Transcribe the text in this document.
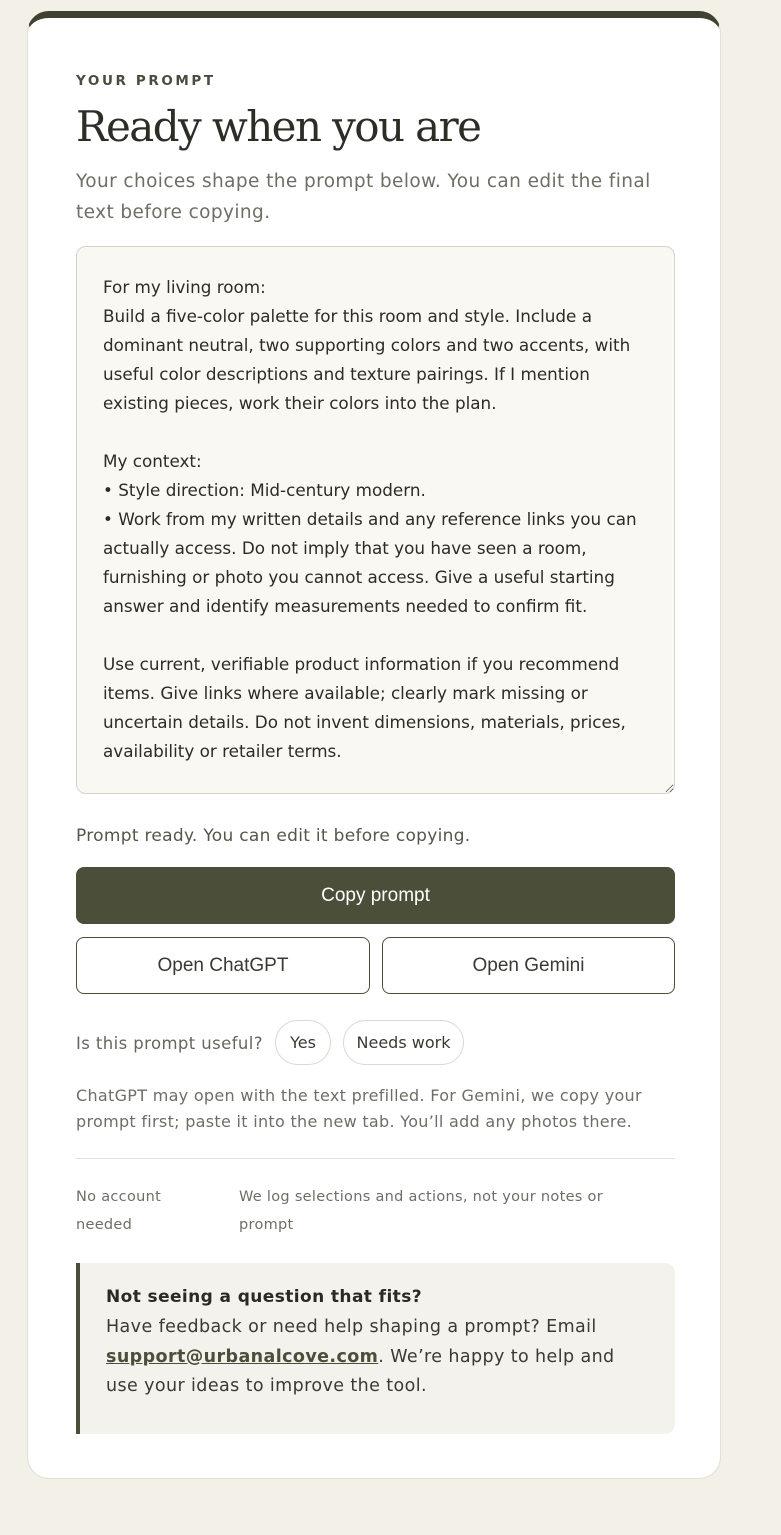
YOUR PROMPT
Ready when you are
Your choices shape the prompt below. You can edit the final text before copying.
For my living room:
Build a five-color palette for this room and style. Include a dominant neutral, two supporting colors and two accents, with useful color descriptions and texture pairings. If I mention existing pieces, work their colors into the plan.

My context:
• Style direction: Mid-century modern.
• Work from my written details and any reference links you can actually access. Do not imply that you have seen a room, furnishing or photo you cannot access. Give a useful starting answer and identify measurements needed to confirm fit.

Use current, verifiable product information if you recommend items. Give links where available; clearly mark missing or uncertain details. Do not invent dimensions, materials, prices, availability or retailer terms.
Prompt ready. You can edit it before copying.
Copy prompt
Open ChatGPT	Open Gemini
Is this prompt useful?	Yes	Needs work
ChatGPT may open with the text prefilled. For Gemini, we copy your prompt first; paste it into the new tab. You’ll add any photos there.
No account needed
We log selections and actions, not your notes or prompt
Not seeing a question that fits?
Have feedback or need help shaping a prompt? Email support@urbanalcove.com. We’re happy to help and use your ideas to improve the tool.
